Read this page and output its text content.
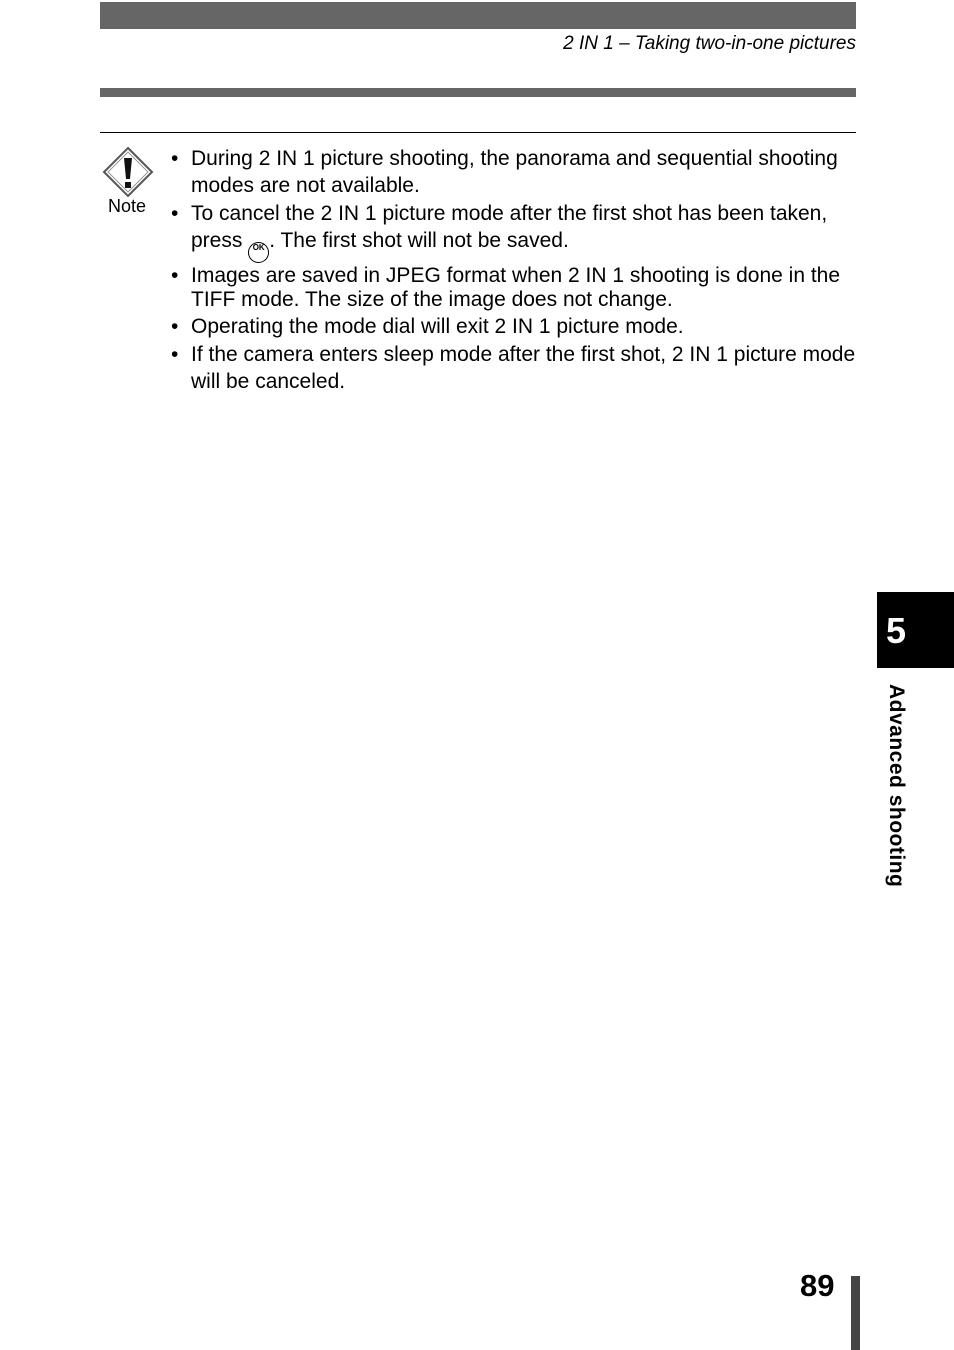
2 IN 1 – Taking two-in-one pictures
Note
• During 2 IN 1 picture shooting, the panorama and sequential shooting modes are not available.
• To cancel the 2 IN 1 picture mode after the first shot has been taken, press OK . The first shot will not be saved.
• Images are saved in JPEG format when 2 IN 1 shooting is done in the TIFF mode. The size of the image does not change.
• Operating the mode dial will exit 2 IN 1 picture mode.
• If the camera enters sleep mode after the first shot, 2 IN 1 picture mode will be canceled.
5
Advanced shooting
89
